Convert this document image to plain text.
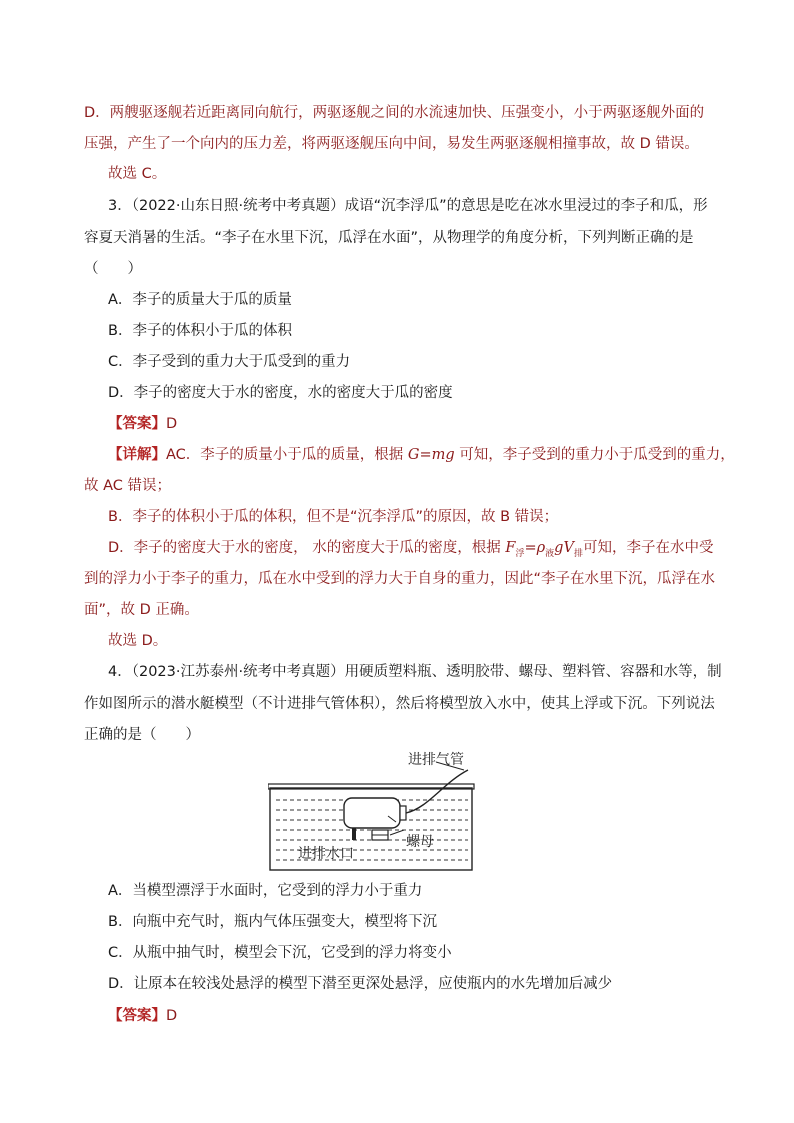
D．两艘驱逐舰若近距离同向航行，两驱逐舰之间的水流速加快、压强变小，小于两驱逐舰外面的
压强，产生了一个向内的压力差，将两驱逐舰压向中间，易发生两驱逐舰相撞事故，故 D 错误。
故选 C。
3．（2022·山东日照·统考中考真题）成语“沉李浮瓜”的意思是吃在冰水里浸过的李子和瓜，形
容夏天消暑的生活。“李子在水里下沉，瓜浮在水面”，从物理学的角度分析，下列判断正确的是
（　　）
A．李子的质量大于瓜的质量
B．李子的体积小于瓜的体积
C．李子受到的重力大于瓜受到的重力
D．李子的密度大于水的密度，水的密度大于瓜的密度
【答案】D
【详解】AC．李子的质量小于瓜的质量，根据 G=mg 可知，李子受到的重力小于瓜受到的重力，
故 AC 错误；
B．李子的体积小于瓜的体积，但不是“沉李浮瓜”的原因，故 B 错误；
D．李子的密度大于水的密度， 水的密度大于瓜的密度，根据 $F_浮=\rho_液gV_排$可知，李子在水中受
到的浮力小于李子的重力，瓜在水中受到的浮力大于自身的重力，因此“李子在水里下沉，瓜浮在水
面”，故 D 正确。
故选 D。
4．（2023·江苏泰州·统考中考真题）用硬质塑料瓶、透明胶带、螺母、塑料管、容器和水等，制
作如图所示的潜水艇模型（不计进排气管体积），然后将模型放入水中，使其上浮或下沉。下列说法
正确的是（　　）
进排气管
螺母
进排水口
A．当模型漂浮于水面时，它受到的浮力小于重力
B．向瓶中充气时，瓶内气体压强变大，模型将下沉
C．从瓶中抽气时，模型会下沉，它受到的浮力将变小
D．让原本在较浅处悬浮的模型下潜至更深处悬浮，应使瓶内的水先增加后减少
【答案】D
